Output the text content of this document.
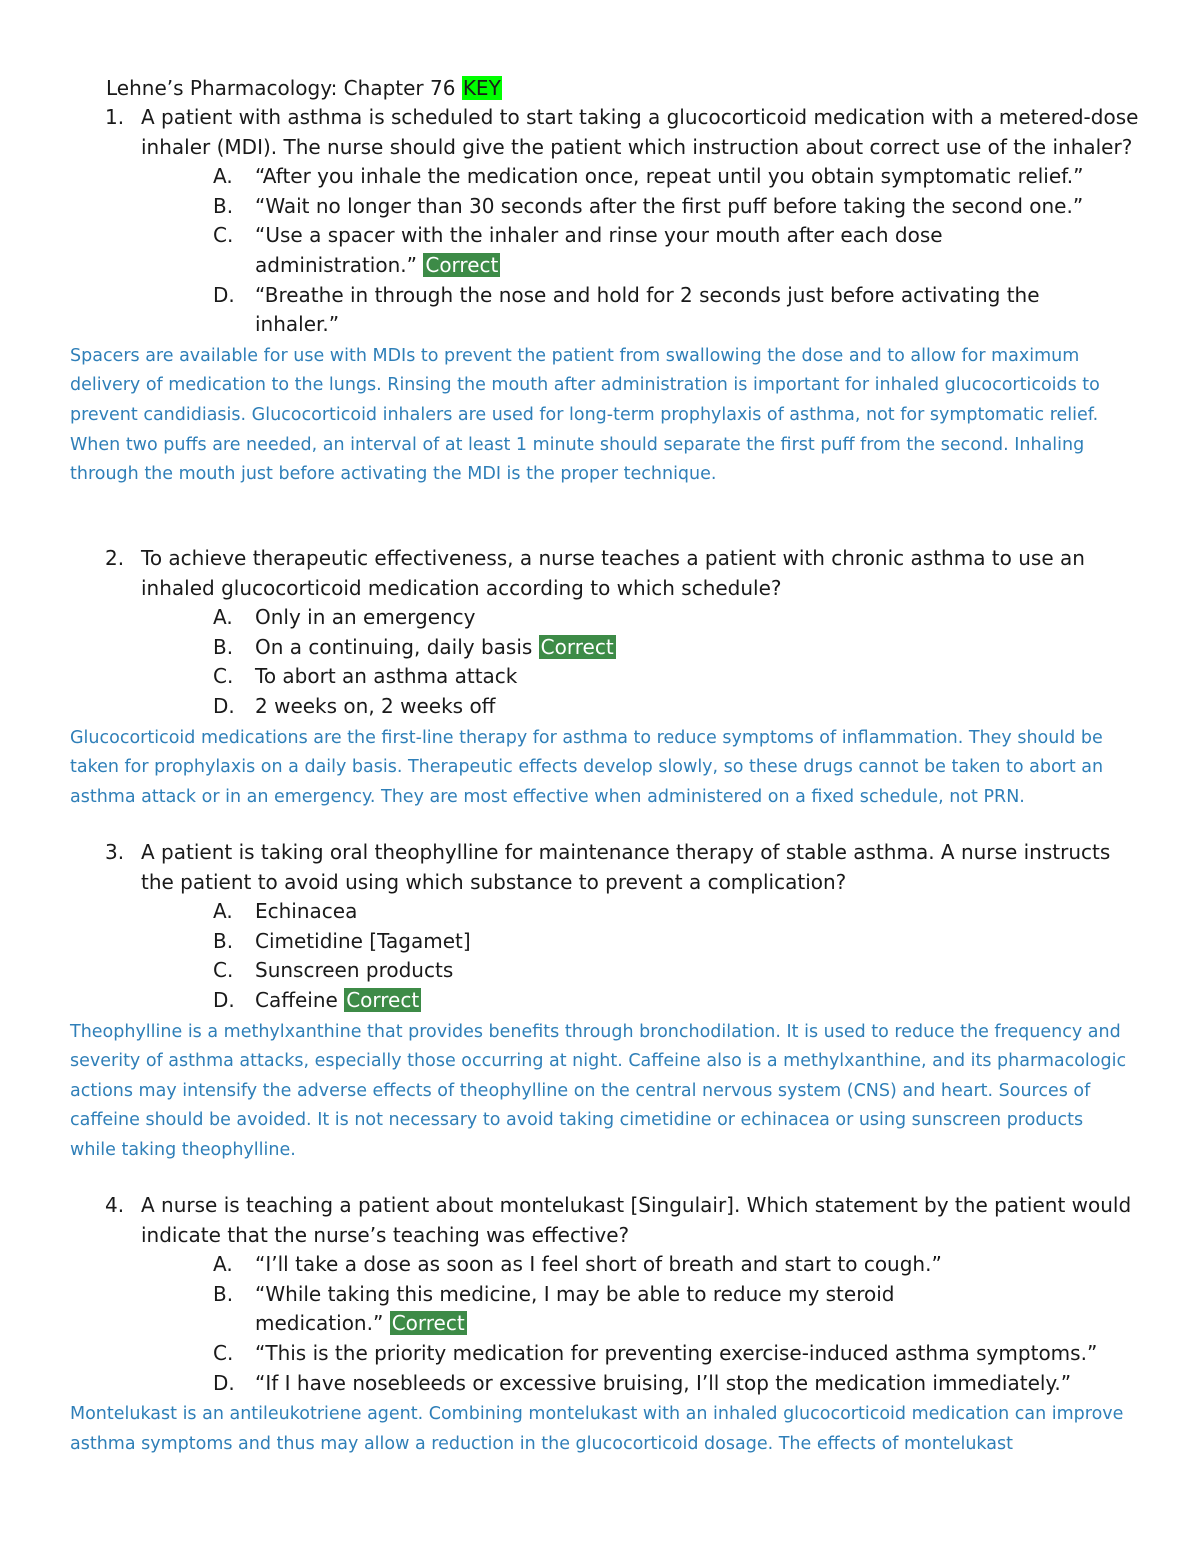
Lehne’s Pharmacology: Chapter 76 KEY
1. A patient with asthma is scheduled to start taking a glucocorticoid medication with a metered-dose inhaler (MDI). The nurse should give the patient which instruction about correct use of the inhaler?
A. “After you inhale the medication once, repeat until you obtain symptomatic relief.”
B. “Wait no longer than 30 seconds after the first puff before taking the second one.”
C. “Use a spacer with the inhaler and rinse your mouth after each dose administration.” Correct
D. “Breathe in through the nose and hold for 2 seconds just before activating the inhaler.”

Spacers are available for use with MDIs to prevent the patient from swallowing the dose and to allow for maximum delivery of medication to the lungs. Rinsing the mouth after administration is important for inhaled glucocorticoids to prevent candidiasis. Glucocorticoid inhalers are used for long-term prophylaxis of asthma, not for symptomatic relief. When two puffs are needed, an interval of at least 1 minute should separate the first puff from the second. Inhaling through the mouth just before activating the MDI is the proper technique.

2. To achieve therapeutic effectiveness, a nurse teaches a patient with chronic asthma to use an inhaled glucocorticoid medication according to which schedule?
A. Only in an emergency
B. On a continuing, daily basis Correct
C. To abort an asthma attack
D. 2 weeks on, 2 weeks off

Glucocorticoid medications are the first-line therapy for asthma to reduce symptoms of inflammation. They should be taken for prophylaxis on a daily basis. Therapeutic effects develop slowly, so these drugs cannot be taken to abort an asthma attack or in an emergency. They are most effective when administered on a fixed schedule, not PRN.

3. A patient is taking oral theophylline for maintenance therapy of stable asthma. A nurse instructs the patient to avoid using which substance to prevent a complication?
A. Echinacea
B. Cimetidine [Tagamet]
C. Sunscreen products
D. Caffeine Correct

Theophylline is a methylxanthine that provides benefits through bronchodilation. It is used to reduce the frequency and severity of asthma attacks, especially those occurring at night. Caffeine also is a methylxanthine, and its pharmacologic actions may intensify the adverse effects of theophylline on the central nervous system (CNS) and heart. Sources of caffeine should be avoided. It is not necessary to avoid taking cimetidine or echinacea or using sunscreen products while taking theophylline.

4. A nurse is teaching a patient about montelukast [Singulair]. Which statement by the patient would indicate that the nurse’s teaching was effective?
A. “I’ll take a dose as soon as I feel short of breath and start to cough.”
B. “While taking this medicine, I may be able to reduce my steroid medication.” Correct
C. “This is the priority medication for preventing exercise-induced asthma symptoms.”
D. “If I have nosebleeds or excessive bruising, I’ll stop the medication immediately.”

Montelukast is an antileukotriene agent. Combining montelukast with an inhaled glucocorticoid medication can improve asthma symptoms and thus may allow a reduction in the glucocorticoid dosage. The effects of montelukast
